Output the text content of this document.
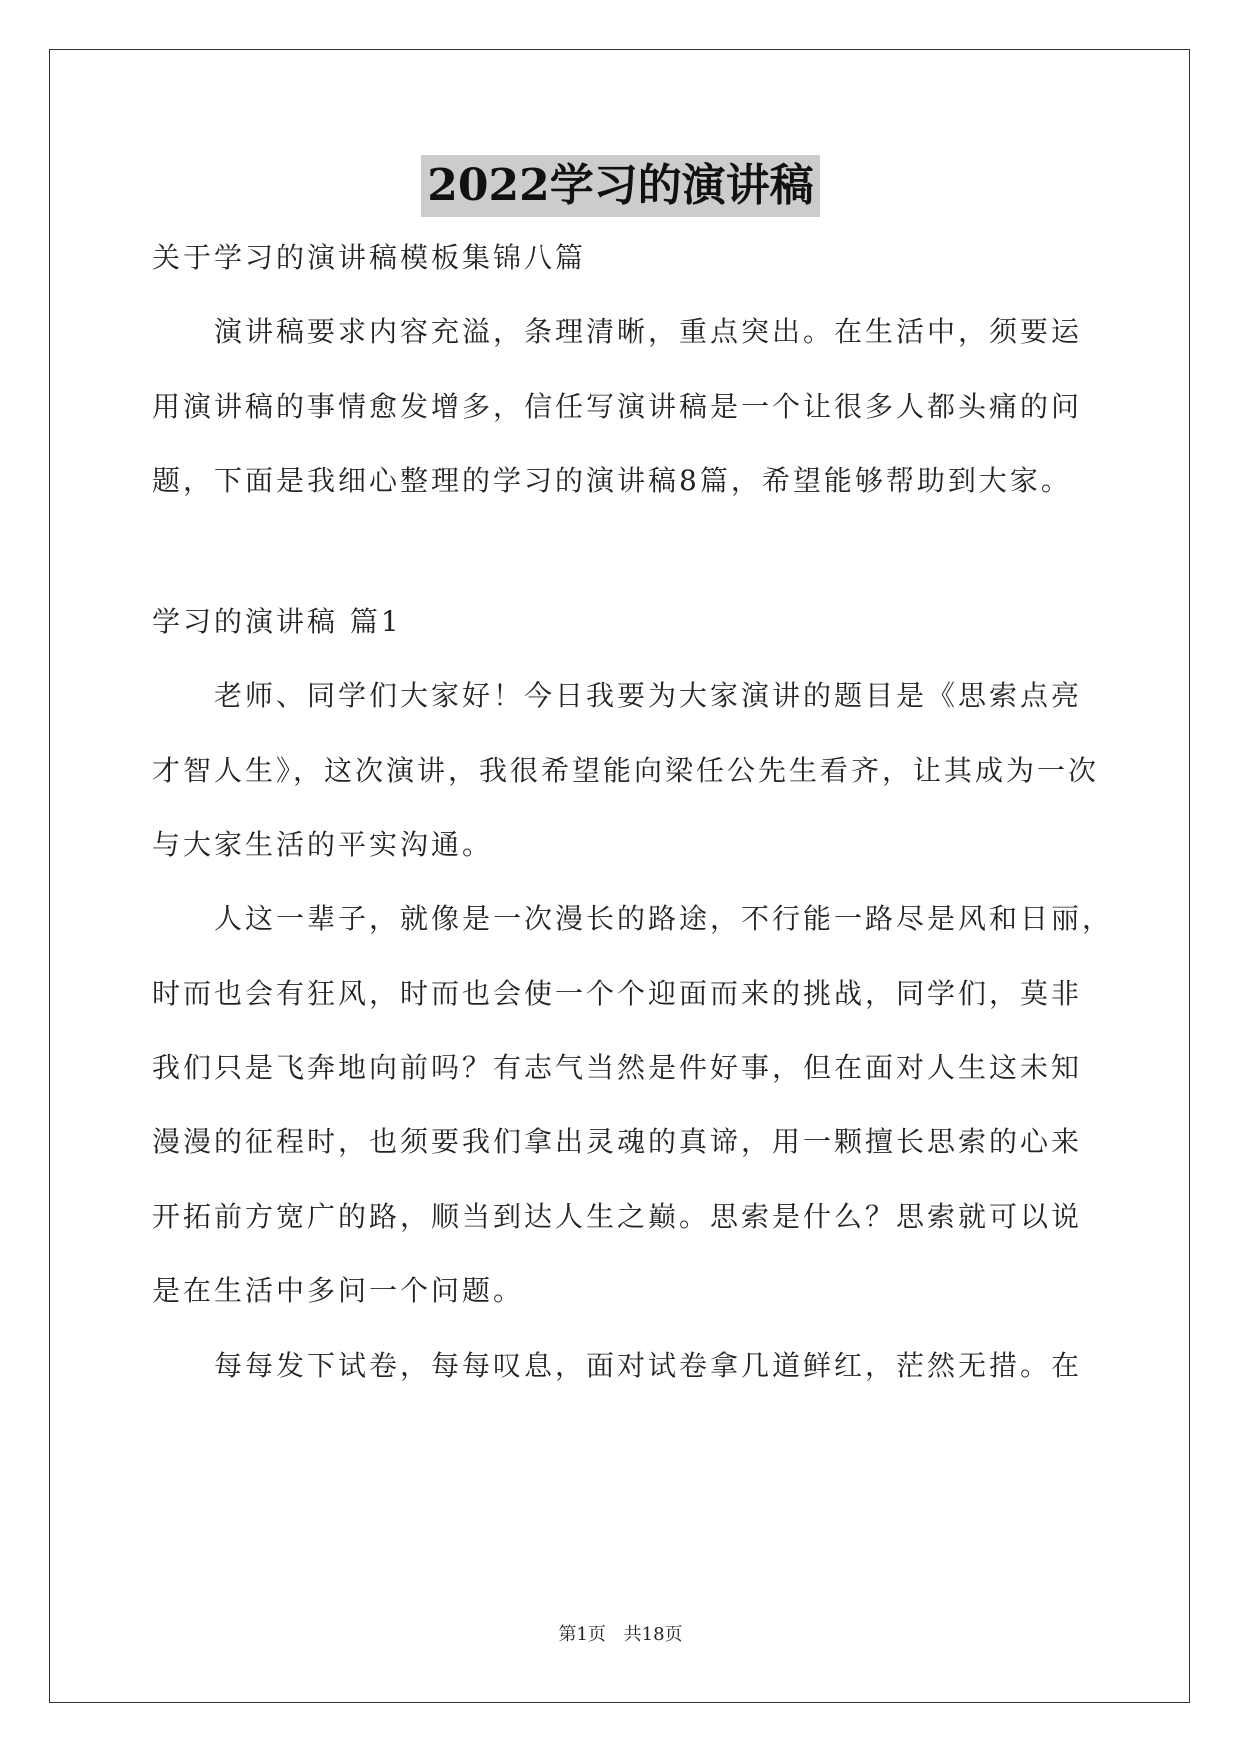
2022学习的演讲稿
关于学习的演讲稿模板集锦八篇
演讲稿要求内容充溢，条理清晰，重点突出。在生活中，须要运
用演讲稿的事情愈发增多，信任写演讲稿是一个让很多人都头痛的问
题，下面是我细心整理的学习的演讲稿8篇，希望能够帮助到大家。
学习的演讲稿 篇1
老师、同学们大家好！今日我要为大家演讲的题目是《思索点亮
才智人生》，这次演讲，我很希望能向梁任公先生看齐，让其成为一次
与大家生活的平实沟通。
人这一辈子，就像是一次漫长的路途，不行能一路尽是风和日丽，
时而也会有狂风，时而也会使一个个迎面而来的挑战，同学们，莫非
我们只是飞奔地向前吗？有志气当然是件好事，但在面对人生这未知
漫漫的征程时，也须要我们拿出灵魂的真谛，用一颗擅长思索的心来
开拓前方宽广的路，顺当到达人生之巅。思索是什么？思索就可以说
是在生活中多问一个问题。
每每发下试卷，每每叹息，面对试卷拿几道鲜红，茫然无措。在
第1页 共18页
